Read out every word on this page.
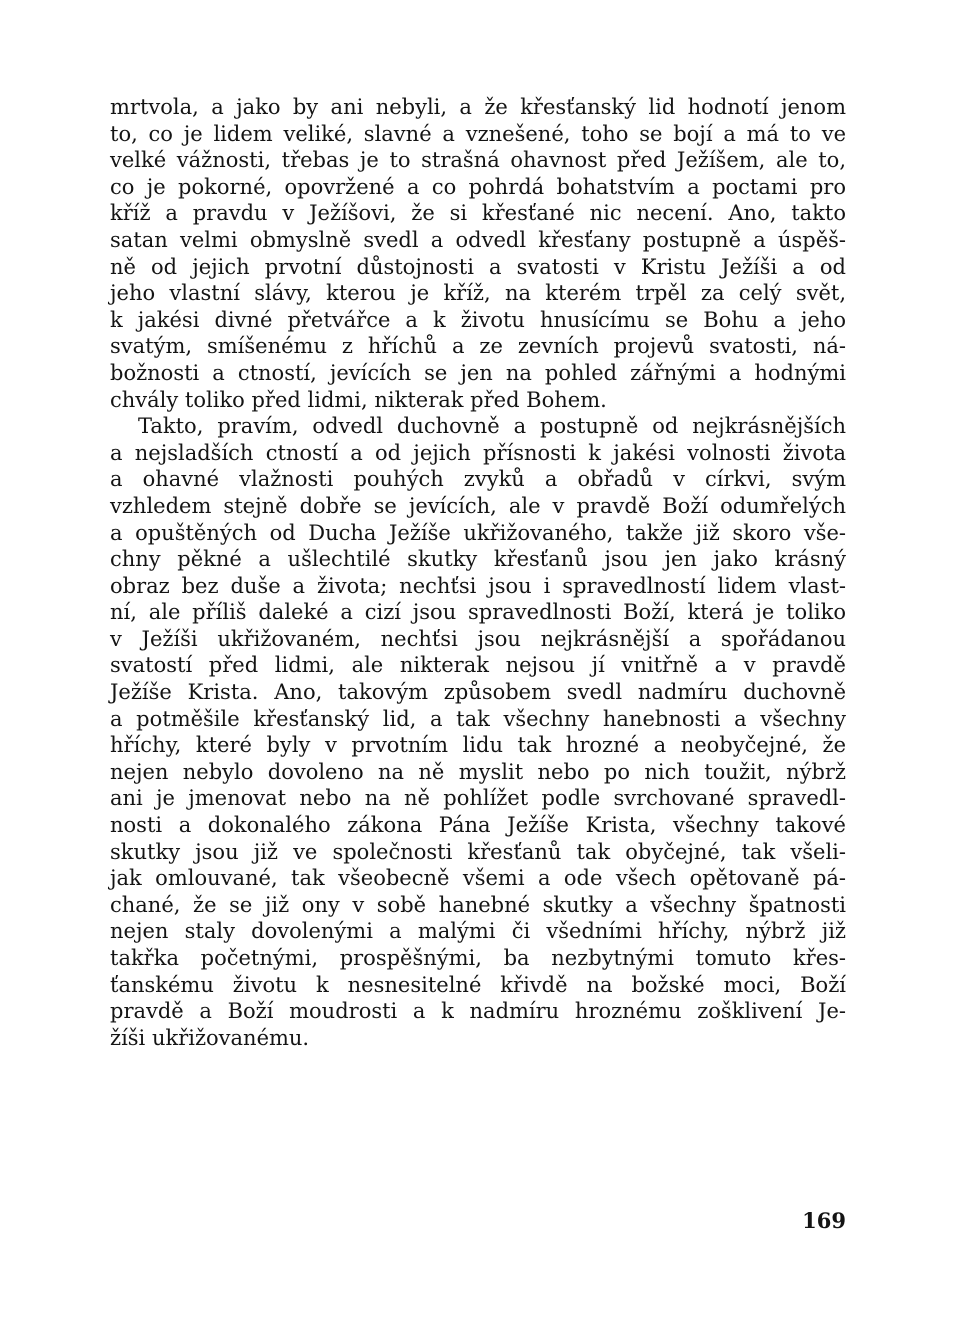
mrtvola, a jako by ani nebyli, a že křesťanský lid hodnotí jenom
to, co je lidem veliké, slavné a vznešené, toho se bojí a má to ve
velké vážnosti, třebas je to strašná ohavnost před Ježíšem, ale to,
co je pokorné, opovržené a co pohrdá bohatstvím a poctami pro
kříž a pravdu v Ježíšovi, že si křesťané nic necení. Ano, takto
satan velmi obmyslně svedl a odvedl křesťany postupně a úspěš-
ně od jejich prvotní důstojnosti a svatosti v Kristu Ježíši a od
jeho vlastní slávy, kterou je kříž, na kterém trpěl za celý svět,
k jakési divné přetvářce a k životu hnusícímu se Bohu a jeho
svatým, smíšenému z hříchů a ze zevních projevů svatosti, ná-
božnosti a ctností, jevících se jen na pohled zářnými a hodnými
chvály toliko před lidmi, nikterak před Bohem.
Takto, pravím, odvedl duchovně a postupně od nejkrásnějších
a nejsladších ctností a od jejich přísnosti k jakési volnosti života
a ohavné vlažnosti pouhých zvyků a obřadů v církvi, svým
vzhledem stejně dobře se jevících, ale v pravdě Boží odumřelých
a opuštěných od Ducha Ježíše ukřižovaného, takže již skoro vše-
chny pěkné a ušlechtilé skutky křesťanů jsou jen jako krásný
obraz bez duše a života; nechťsi jsou i spravedlností lidem vlast-
ní, ale příliš daleké a cizí jsou spravedlnosti Boží, která je toliko
v Ježíši ukřižovaném, nechťsi jsou nejkrásnější a spořádanou
svatostí před lidmi, ale nikterak nejsou jí vnitřně a v pravdě
Ježíše Krista. Ano, takovým způsobem svedl nadmíru duchovně
a potměšile křesťanský lid, a tak všechny hanebnosti a všechny
hříchy, které byly v prvotním lidu tak hrozné a neobyčejné, že
nejen nebylo dovoleno na ně myslit nebo po nich toužit, nýbrž
ani je jmenovat nebo na ně pohlížet podle svrchované spravedl-
nosti a dokonalého zákona Pána Ježíše Krista, všechny takové
skutky jsou již ve společnosti křesťanů tak obyčejné, tak všeli-
jak omlouvané, tak všeobecně všemi a ode všech opětovaně pá-
chané, že se již ony v sobě hanebné skutky a všechny špatnosti
nejen staly dovolenými a malými či všedními hříchy, nýbrž již
takřka početnými, prospěšnými, ba nezbytnými tomuto křes-
ťanskému životu k nesnesitelné křivdě na božské moci, Boží
pravdě a Boží moudrosti a k nadmíru hroznému zošklivení Je-
žíši ukřižovanému.
169
